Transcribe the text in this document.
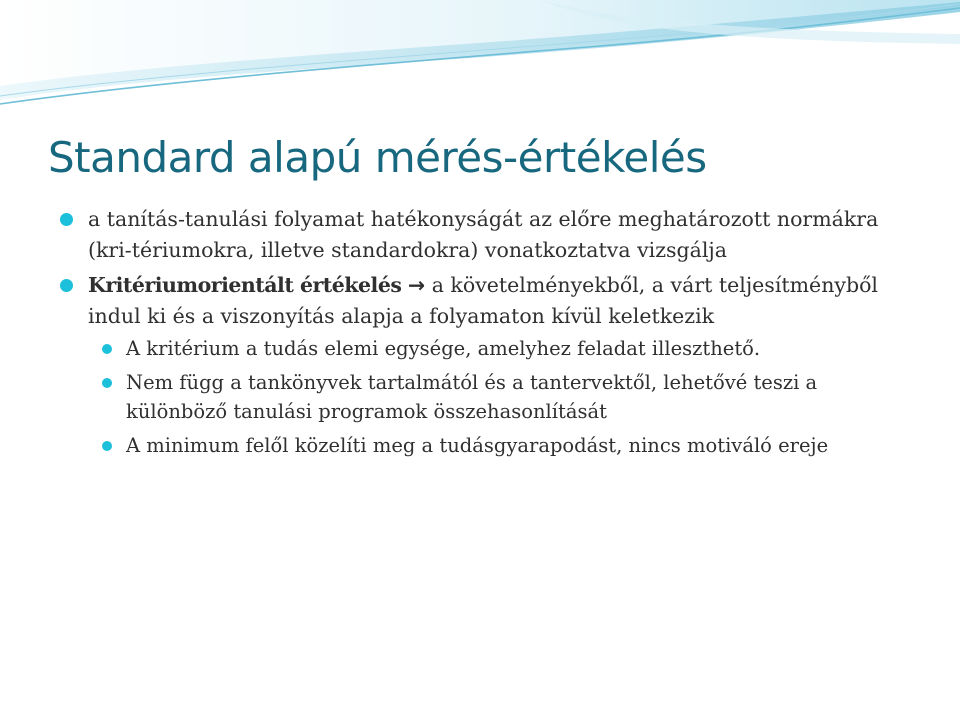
Standard alapú mérés-értékelés

a tanítás-tanulási folyamat hatékonyságát az előre meghatározott normákra (kri-tériumokra, illetve standardokra) vonatkoztatva vizsgálja

Kritériumorientált értékelés → a követelményekből, a várt teljesítményből indul ki és a viszonyítás alapja a folyamaton kívül keletkezik

A kritérium a tudás elemi egysége, amelyhez feladat illeszthető.

Nem függ a tankönyvek tartalmától és a tantervektől, lehetővé teszi a különböző tanulási programok összehasonlítását

A minimum felől közelíti meg a tudásgyarapodást, nincs motiváló ereje
